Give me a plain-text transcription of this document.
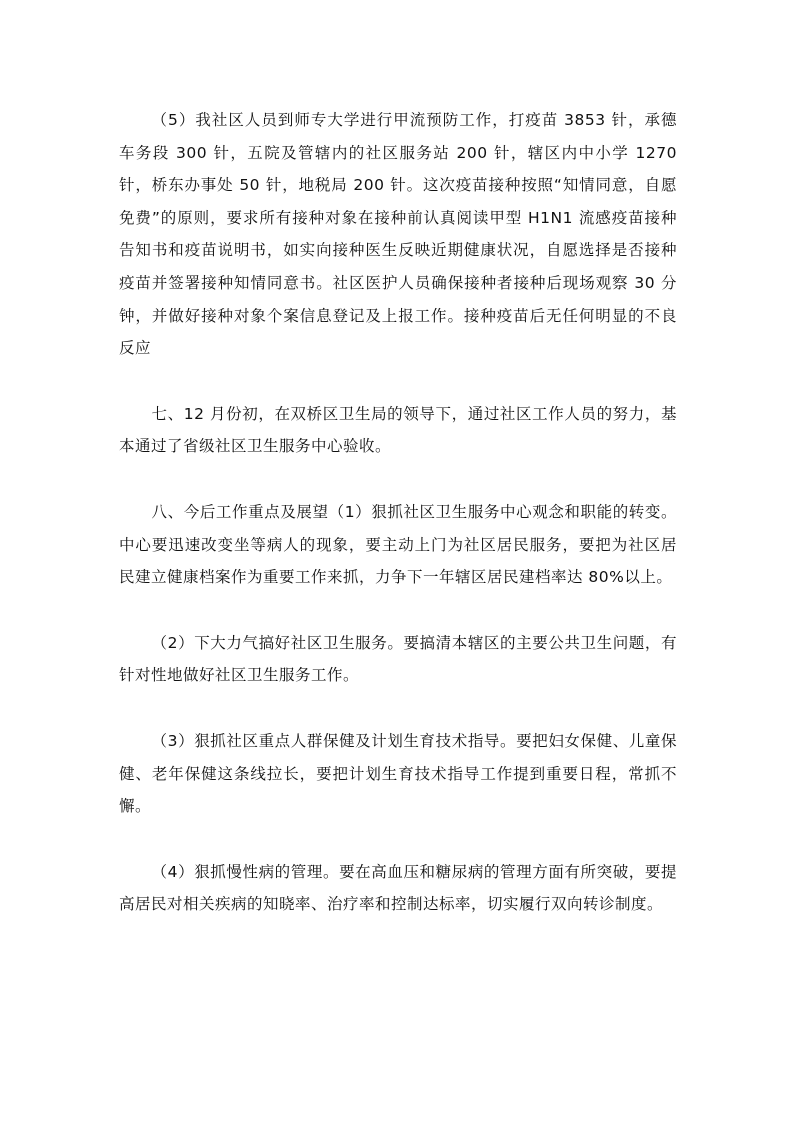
（5）我社区人员到师专大学进行甲流预防工作，打疫苗 3853 针，承德车务段 300 针，五院及管辖内的社区服务站 200 针，辖区内中小学 1270 针，桥东办事处 50 针，地税局 200 针。这次疫苗接种按照“知情同意，自愿免费”的原则，要求所有接种对象在接种前认真阅读甲型 H1N1 流感疫苗接种告知书和疫苗说明书，如实向接种医生反映近期健康状况，自愿选择是否接种疫苗并签署接种知情同意书。社区医护人员确保接种者接种后现场观察 30 分钟，并做好接种对象个案信息登记及上报工作。接种疫苗后无任何明显的不良反应

七、12 月份初，在双桥区卫生局的领导下，通过社区工作人员的努力，基本通过了省级社区卫生服务中心验收。

八、今后工作重点及展望（1）狠抓社区卫生服务中心观念和职能的转变。中心要迅速改变坐等病人的现象，要主动上门为社区居民服务，要把为社区居民建立健康档案作为重要工作来抓，力争下一年辖区居民建档率达 80%以上。

（2）下大力气搞好社区卫生服务。要搞清本辖区的主要公共卫生问题，有针对性地做好社区卫生服务工作。

（3）狠抓社区重点人群保健及计划生育技术指导。要把妇女保健、儿童保健、老年保健这条线拉长，要把计划生育技术指导工作提到重要日程，常抓不懈。

（4）狠抓慢性病的管理。要在高血压和糖尿病的管理方面有所突破，要提高居民对相关疾病的知晓率、治疗率和控制达标率，切实履行双向转诊制度。
